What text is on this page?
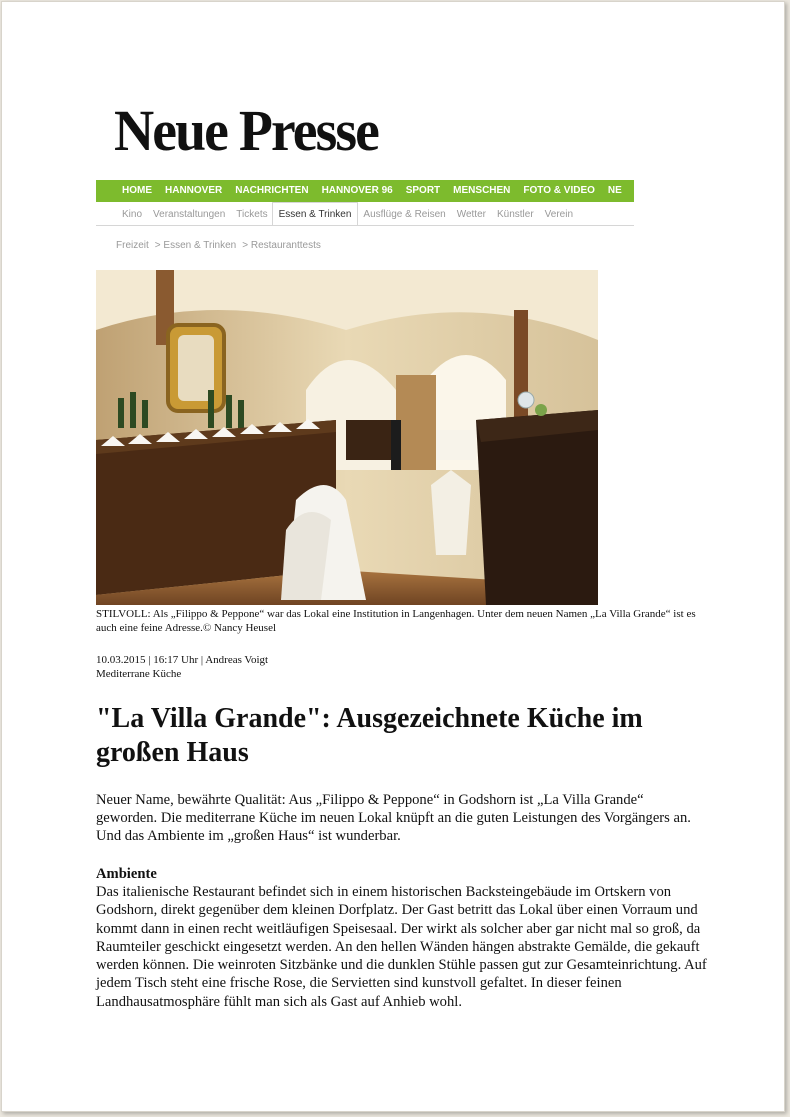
Neue Presse
HOME HANNOVER NACHRICHTEN HANNOVER 96 SPORT MENSCHEN FOTO & VIDEO NE
Kino Veranstaltungen Tickets Essen & Trinken Ausflüge & Reisen Wetter Künstler Verein
Freizeit > Essen & Trinken > Restauranttests
STILVOLL: Als „Filippo & Peppone“ war das Lokal eine Institution in Langenhagen. Unter dem neuen Namen „La Villa Grande“ ist es auch eine feine Adresse.© Nancy Heusel
10.03.2015 | 16:17 Uhr | Andreas Voigt
Mediterrane Küche
"La Villa Grande": Ausgezeichnete Küche im großen Haus

Neuer Name, bewährte Qualität: Aus „Filippo & Peppone“ in Godshorn ist „La Villa Grande“ geworden. Die mediterrane Küche im neuen Lokal knüpft an die guten Leistungen des Vorgängers an. Und das Ambiente im „großen Haus“ ist wunderbar.

Ambiente

Das italienische Restaurant befindet sich in einem historischen Backsteingebäude im Ortskern von Godshorn, direkt gegenüber dem kleinen Dorfplatz. Der Gast betritt das Lokal über einen Vorraum und kommt dann in einen recht weitläufigen Speisesaal. Der wirkt als solcher aber gar nicht mal so groß, da Raumteiler geschickt eingesetzt werden. An den hellen Wänden hängen abstrakte Gemälde, die gekauft werden können. Die weinroten Sitzbänke und die dunklen Stühle passen gut zur Gesamteinrichtung. Auf jedem Tisch steht eine frische Rose, die Servietten sind kunstvoll gefaltet. In dieser feinen Landhausatmosphäre fühlt man sich als Gast auf Anhieb wohl.
